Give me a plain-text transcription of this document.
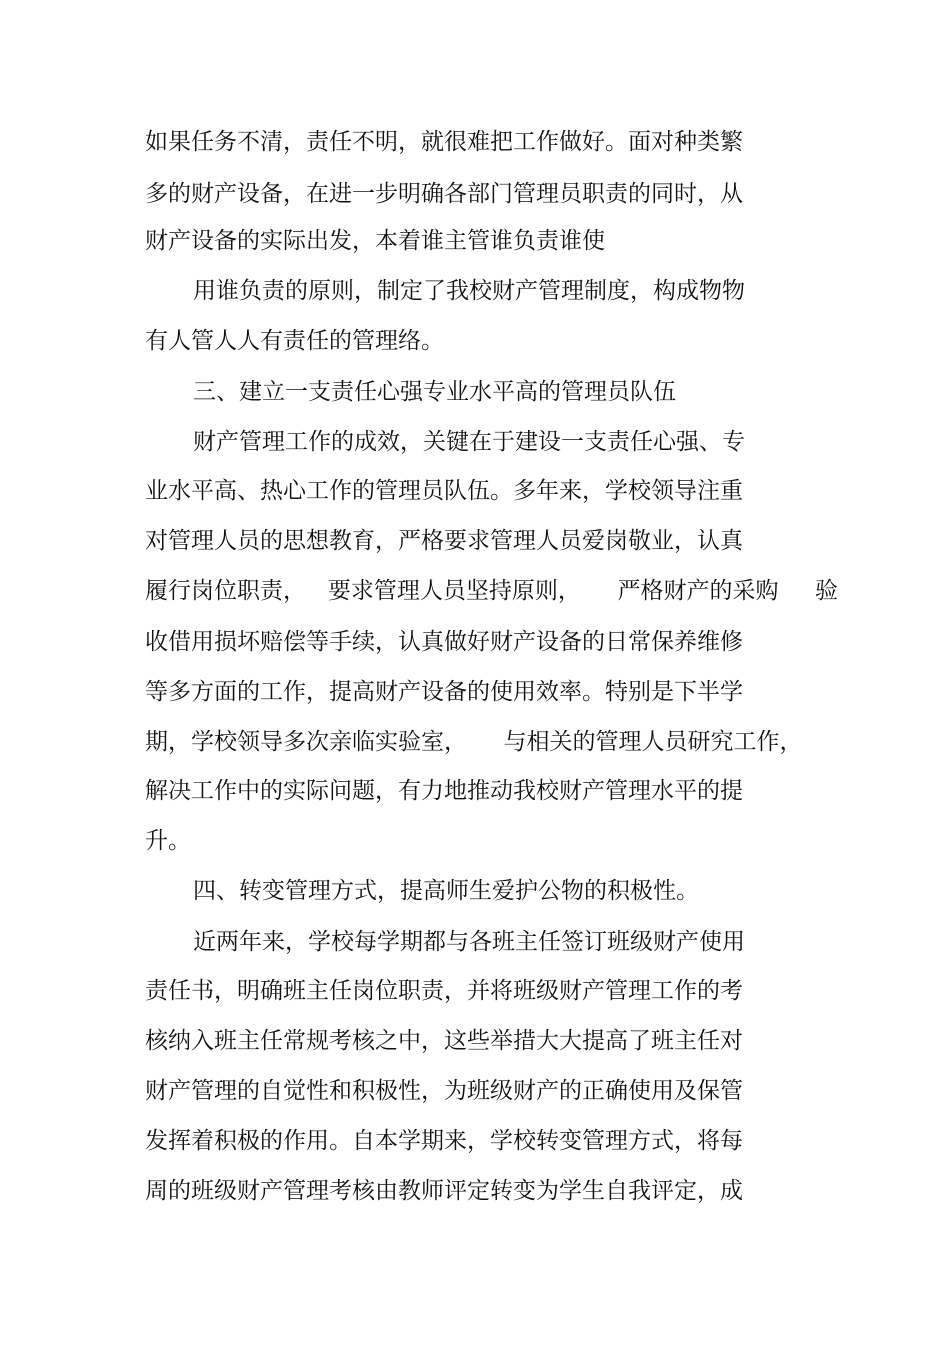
如果任务不清，责任不明，就很难把工作做好。面对种类繁

多的财产设备，在进一步明确各部门管理员职责的同时，从

财产设备的实际出发，本着谁主管谁负责谁使

用谁负责的原则，制定了我校财产管理制度，构成物物

有人管人人有责任的管理络。

三、建立一支责任心强专业水平高的管理员队伍

财产管理工作的成效，关键在于建设一支责任心强、专

业水平高、热心工作的管理员队伍。多年来，学校领导注重

对管理人员的思想教育，严格要求管理人员爱岗敬业，认真

履行岗位职责，   要求管理人员坚持原则，     严格财产的采购     验

收借用损坏赔偿等手续，认真做好财产设备的日常保养维修

等多方面的工作，提高财产设备的使用效率。特别是下半学

期，学校领导多次亲临实验室，     与相关的管理人员研究工作，

解决工作中的实际问题，有力地推动我校财产管理水平的提

升。

四、转变管理方式，提高师生爱护公物的积极性。

近两年来，学校每学期都与各班主任签订班级财产使用

责任书，明确班主任岗位职责，并将班级财产管理工作的考

核纳入班主任常规考核之中，这些举措大大提高了班主任对

财产管理的自觉性和积极性，为班级财产的正确使用及保管

发挥着积极的作用。自本学期来，学校转变管理方式，将每

周的班级财产管理考核由教师评定转变为学生自我评定，成
